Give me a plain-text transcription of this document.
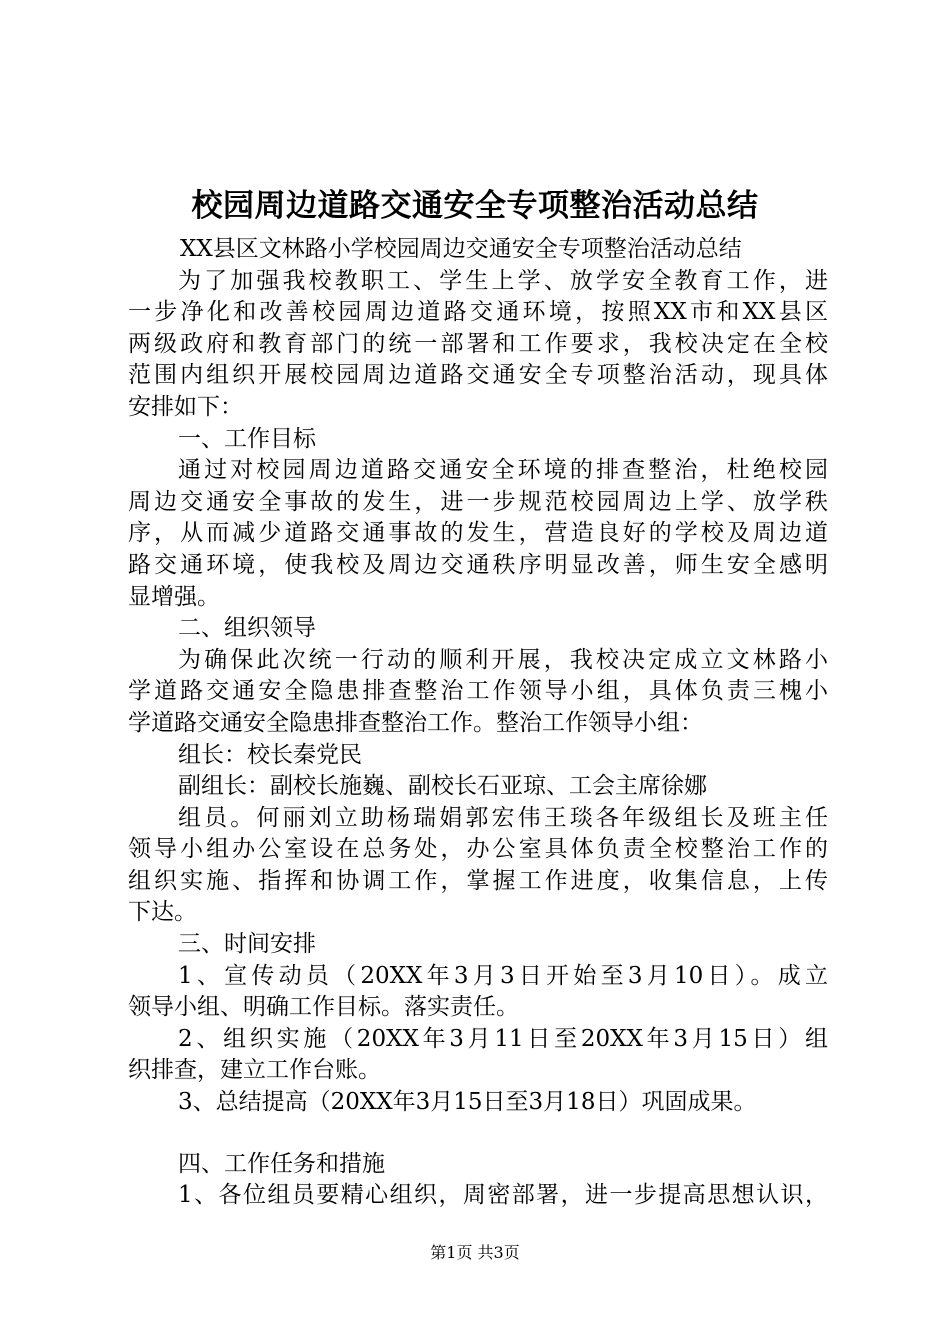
校园周边道路交通安全专项整治活动总结
XX县区文林路小学校园周边交通安全专项整治活动总结
为了加强我校教职工、学生上学、放学安全教育工作，进
一步净化和改善校园周边道路交通环境，按照XX市和XX县区
两级政府和教育部门的统一部署和工作要求，我校决定在全校
范围内组织开展校园周边道路交通安全专项整治活动，现具体
安排如下：
一、工作目标
通过对校园周边道路交通安全环境的排查整治，杜绝校园
周边交通安全事故的发生，进一步规范校园周边上学、放学秩
序，从而减少道路交通事故的发生，营造良好的学校及周边道
路交通环境，使我校及周边交通秩序明显改善，师生安全感明
显增强。
二、组织领导
为确保此次统一行动的顺利开展，我校决定成立文林路小
学道路交通安全隐患排查整治工作领导小组，具体负责三槐小
学道路交通安全隐患排查整治工作。整治工作领导小组：
组长：校长秦党民
副组长：副校长施巍、副校长石亚琼、工会主席徐娜
组员。何丽刘立助杨瑞娟郭宏伟王琰各年级组长及班主任
领导小组办公室设在总务处，办公室具体负责全校整治工作的
组织实施、指挥和协调工作，掌握工作进度，收集信息，上传
下达。
三、时间安排
1、宣传动员（20XX年3月3日开始至3月10日）。成立
领导小组、明确工作目标。落实责任。
2、组织实施（20XX年3月11日至20XX年3月15日）组
织排查，建立工作台账。
3、总结提高（20XX年3月15日至3月18日）巩固成果。
四、工作任务和措施
1、各位组员要精心组织，周密部署，进一步提高思想认识，
第1页 共3页
